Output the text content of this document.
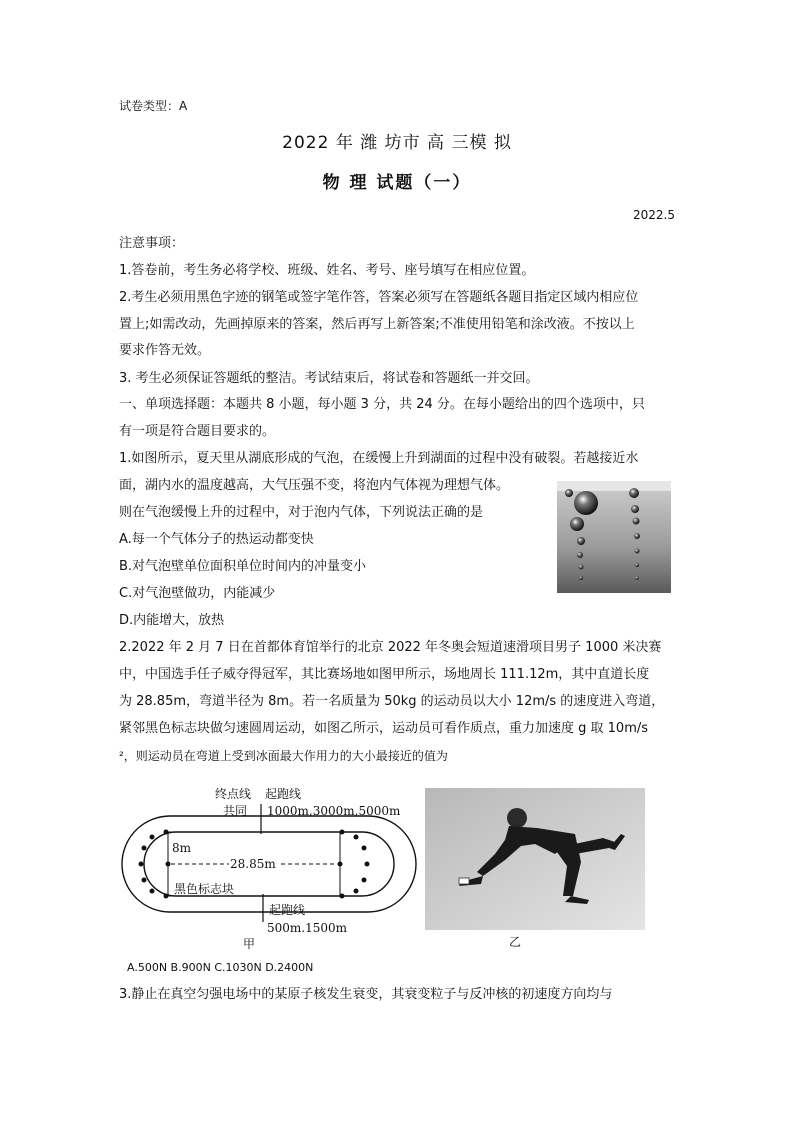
试卷类型：A
2022 年 潍 坊市 高 三模 拟
物 理 试题（一）
2022.5
注意事项：
1.答卷前，考生务必将学校、班级、姓名、考号、座号填写在相应位置。
2.考生必须用黑色字迹的钢笔或签字笔作答，答案必须写在答题纸各题目指定区域内相应位
置上;如需改动，先画掉原来的答案，然后再写上新答案;不准使用铅笔和涂改液。不按以上
要求作答无效。
3. 考生必须保证答题纸的整洁。考试结束后，将试卷和答题纸一并交回。
一、单项选择题：本题共 8 小题，每小题 3 分，共 24 分。在每小题给出的四个选项中，只
有一项是符合题目要求的。
1.如图所示，夏天里从湖底形成的气泡，在缓慢上升到湖面的过程中没有破裂。若越接近水
面，湖内水的温度越高，大气压强不变，将泡内气体视为理想气体。
则在气泡缓慢上升的过程中，对于泡内气体，下列说法正确的是
A.每一个气体分子的热运动都变快
B.对气泡壁单位面积单位时间内的冲量变小
C.对气泡壁做功，内能减少
D.内能增大，放热
2.2022 年 2 月 7 日在首都体育馆举行的北京 2022 年冬奥会短道速滑项目男子 1000 米决赛
中，中国选手任子威夺得冠军，其比赛场地如图甲所示，场地周长 111.12m，其中直道长度
为 28.85m，弯道半径为 8m。若一名质量为 50kg 的运动员以大小 12m/s 的速度进入弯道，
紧邻黑色标志块做匀速圆周运动，如图乙所示，运动员可看作质点，重力加速度 g 取 10m/s
²，则运动员在弯道上受到冰面最大作用力的大小最接近的值为
终点线 起跑线
共同 1000m,3000m,5000m
8m
28.85m
黑色标志块
起跑线
500m.1500m
甲	乙
A.500N B.900N C.1030N D.2400N
3.静止在真空匀强电场中的某原子核发生衰变，其衰变粒子与反冲核的初速度方向均与
